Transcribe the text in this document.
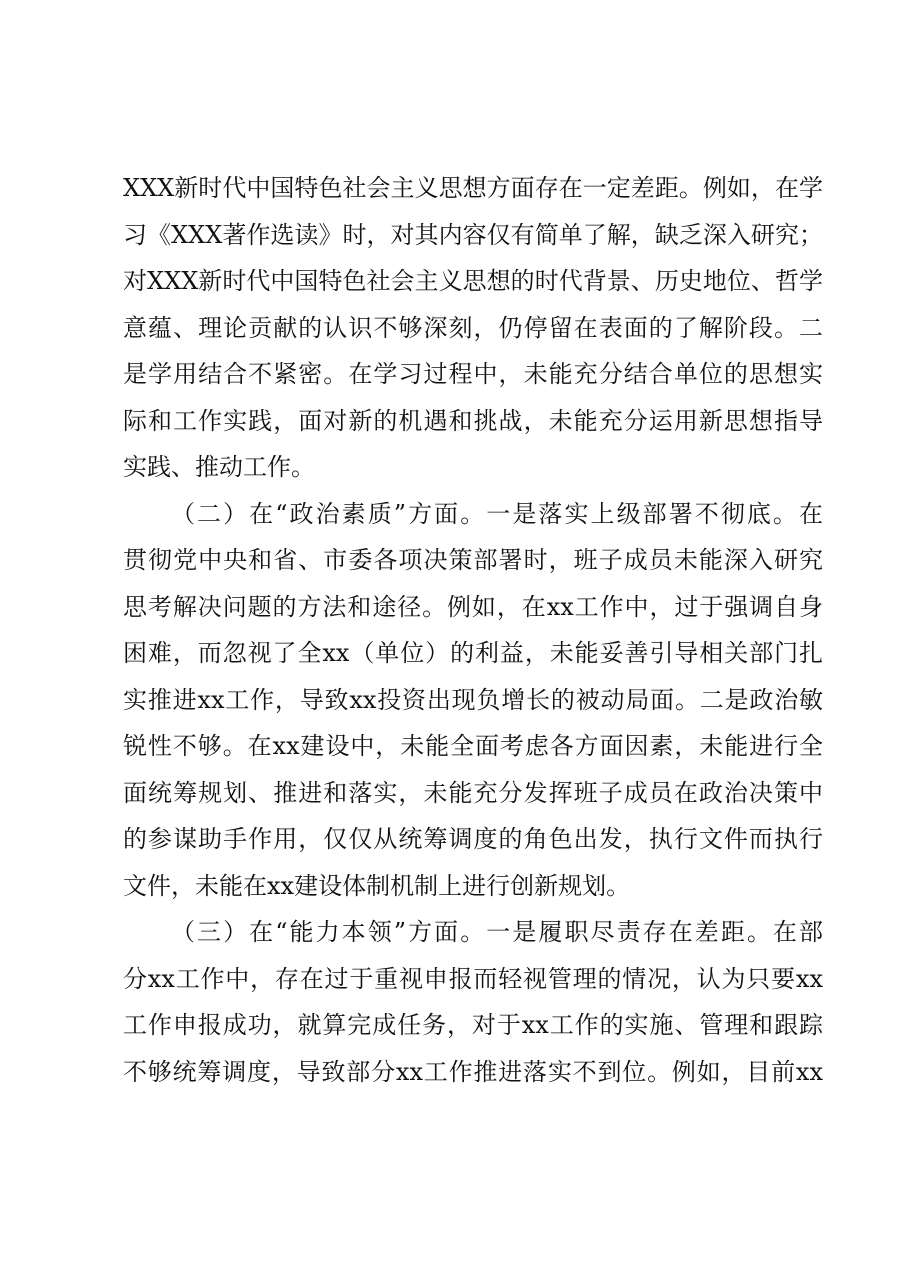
XXX新时代中国特色社会主义思想方面存在一定差距。例如，在学
习《XXX著作选读》时，对其内容仅有简单了解，缺乏深入研究；
对XXX新时代中国特色社会主义思想的时代背景、历史地位、哲学
意蕴、理论贡献的认识不够深刻，仍停留在表面的了解阶段。二
是学用结合不紧密。在学习过程中，未能充分结合单位的思想实
际和工作实践，面对新的机遇和挑战，未能充分运用新思想指导
实践、推动工作。
（二）在“政治素质”方面。一是落实上级部署不彻底。在
贯彻党中央和省、市委各项决策部署时，班子成员未能深入研究
思考解决问题的方法和途径。例如，在xx工作中，过于强调自身
困难，而忽视了全xx（单位）的利益，未能妥善引导相关部门扎
实推进xx工作，导致xx投资出现负增长的被动局面。二是政治敏
锐性不够。在xx建设中，未能全面考虑各方面因素，未能进行全
面统筹规划、推进和落实，未能充分发挥班子成员在政治决策中
的参谋助手作用，仅仅从统筹调度的角色出发，执行文件而执行
文件，未能在xx建设体制机制上进行创新规划。
（三）在“能力本领”方面。一是履职尽责存在差距。在部
分xx工作中，存在过于重视申报而轻视管理的情况，认为只要xx
工作申报成功，就算完成任务，对于xx工作的实施、管理和跟踪
不够统筹调度，导致部分xx工作推进落实不到位。例如，目前xx
